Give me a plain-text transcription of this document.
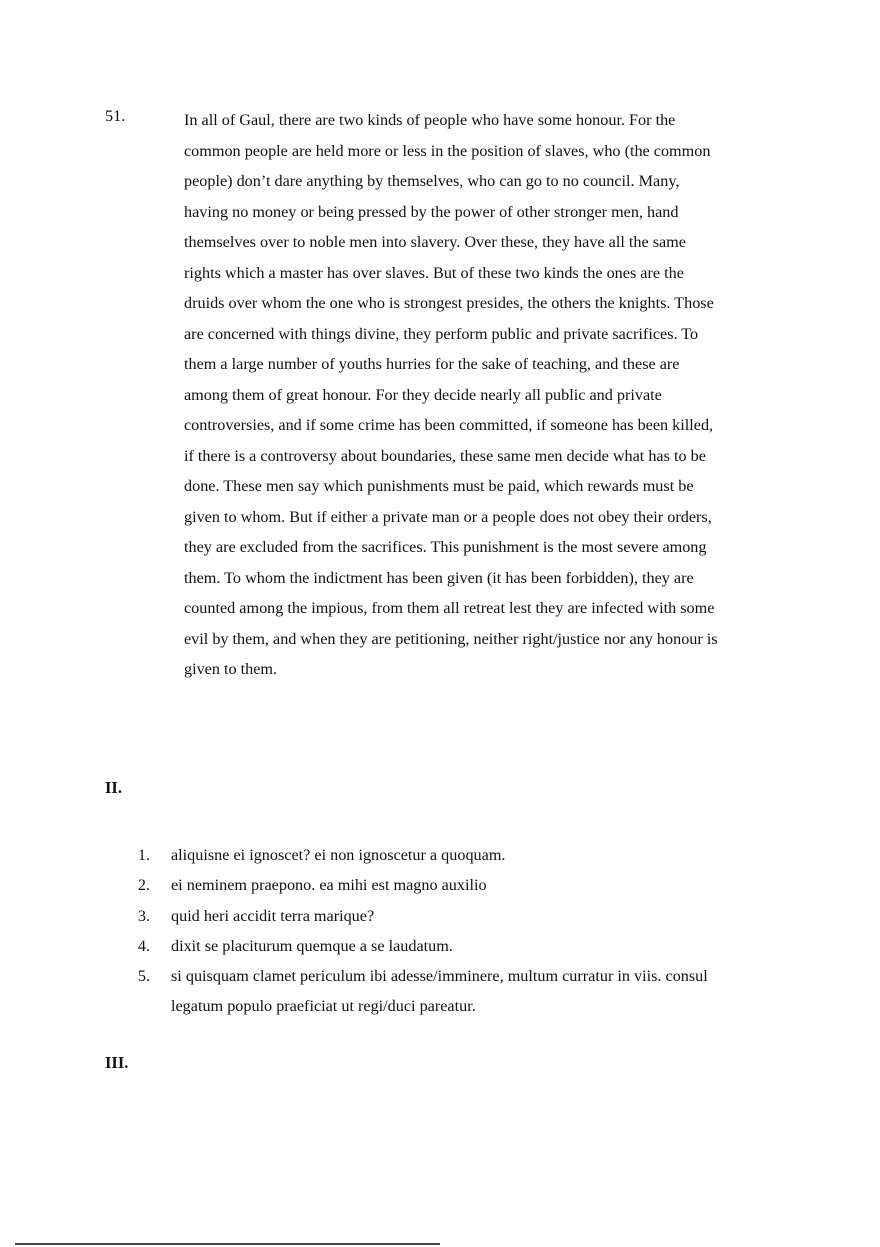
51.	In all of Gaul, there are two kinds of people who have some honour. For the
common people are held more or less in the position of slaves, who (the common
people) don’t dare anything by themselves, who can go to no council. Many,
having no money or being pressed by the power of other stronger men, hand
themselves over to noble men into slavery. Over these, they have all the same
rights which a master has over slaves. But of these two kinds the ones are the
druids over whom the one who is strongest presides, the others the knights. Those
are concerned with things divine, they perform public and private sacrifices. To
them a large number of youths hurries for the sake of teaching, and these are
among them of great honour. For they decide nearly all public and private
controversies, and if some crime has been committed, if someone has been killed,
if there is a controversy about boundaries, these same men decide what has to be
done. These men say which punishments must be paid, which rewards must be
given to whom. But if either a private man or a people does not obey their orders,
they are excluded from the sacrifices. This punishment is the most severe among
them. To whom the indictment has been given (it has been forbidden), they are
counted among the impious, from them all retreat lest they are infected with some
evil by them, and when they are petitioning, neither right/justice nor any honour is
given to them.
II.
1. aliquisne ei ignoscet? ei non ignoscetur a quoquam.
2. ei neminem praepono. ea mihi est magno auxilio
3. quid heri accidit terra marique?
4. dixit se placiturum quemque a se laudatum.
5. si quisquam clamet periculum ibi adesse/imminere, multum curratur in viis. consul
legatum populo praeficiat ut regi/duci pareatur.
III.
